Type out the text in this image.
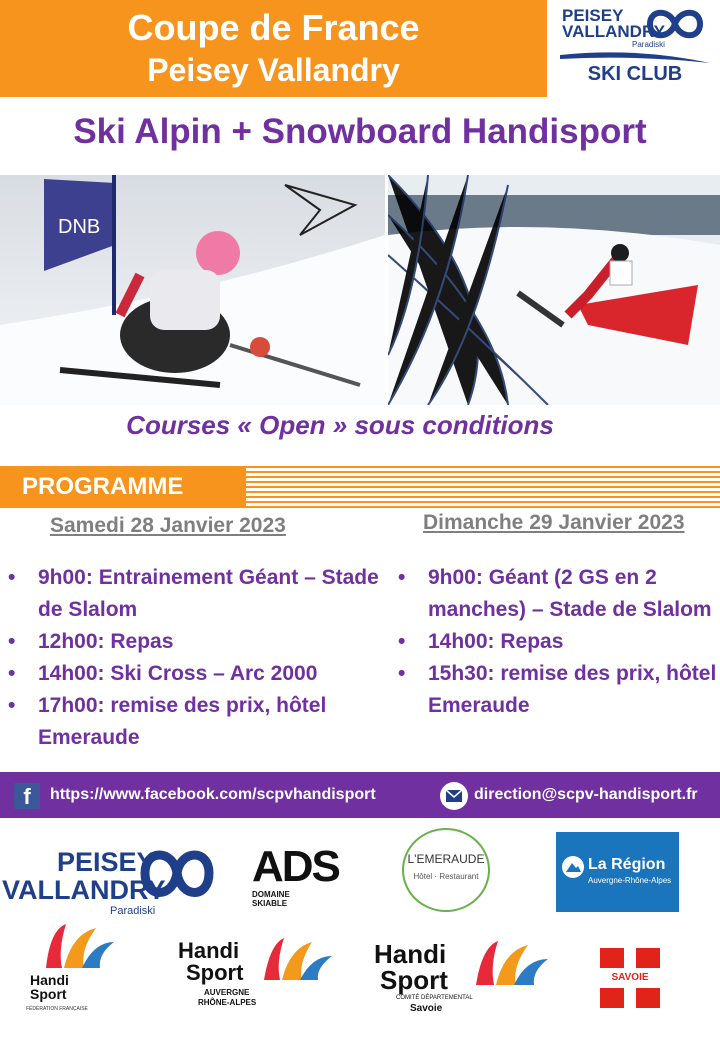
Coupe de France
Peisey Vallandry
PEISEY
VALLANDRY
Paradiski
SKI CLUB
Ski Alpin + Snowboard Handisport
DNB
Courses « Open » sous conditions
PROGRAMME
Samedi 28 Janvier 2023	Dimanche 29 Janvier 2023
• 9h00: Entrainement Géant – Stade de Slalom
• 12h00: Repas
• 14h00: Ski Cross – Arc 2000
• 17h00: remise des prix, hôtel Emeraude
• 9h00: Géant (2 GS en 2 manches) – Stade de Slalom
• 14h00: Repas
• 15h30: remise des prix, hôtel Emeraude
f	https://www.facebook.com/scpvhandisport	direction@scpv-handisport.fr
PEISEY
VALLANDRY
Paradiski
ADS
DOMAINE
SKIABLE
L'EMERAUDE
Hôtel · Restaurant
La Région
Auvergne-Rhône-Alpes
Handi
Sport
FÉDÉRATION FRANÇAISE
Handi
Sport
AUVERGNE
RHÔNE-ALPES
Handi
Sport
COMITÉ DÉPARTEMENTAL
Savoie
SAVOIE
